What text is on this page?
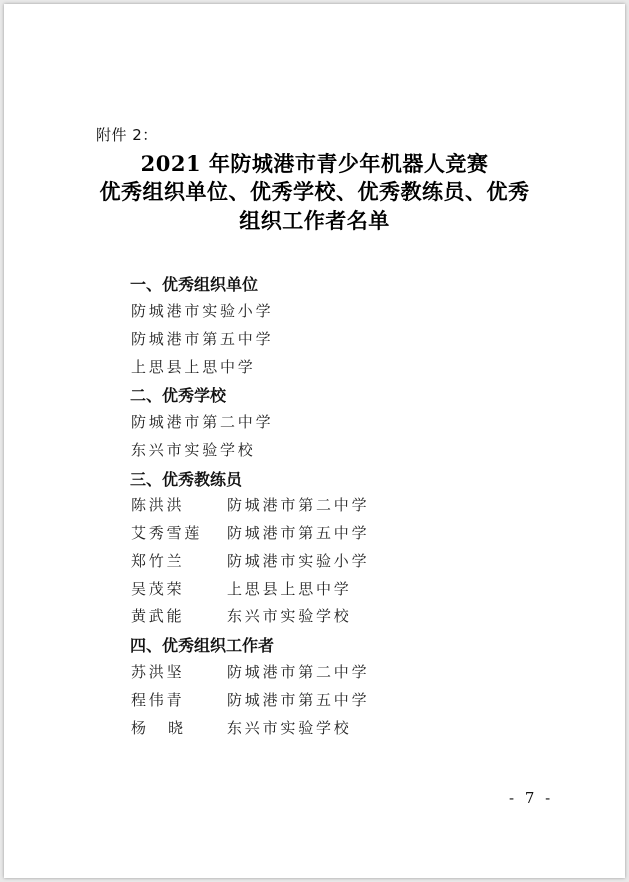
附件 2：
2021 年防城港市青少年机器人竞赛
优秀组织单位、优秀学校、优秀教练员、优秀
组织工作者名单
一、优秀组织单位
防城港市实验小学
防城港市第五中学
上思县上思中学
二、优秀学校
防城港市第二中学
东兴市实验学校
三、优秀教练员
陈洪洪	防城港市第二中学
艾秀雪莲 防城港市第五中学
郑竹兰	防城港市实验小学
吴茂荣	上思县上思中学
黄武能	东兴市实验学校
四、优秀组织工作者
苏洪坚	防城港市第二中学
程伟青	防城港市第五中学
杨晓 东兴市实验学校
- 7 -
